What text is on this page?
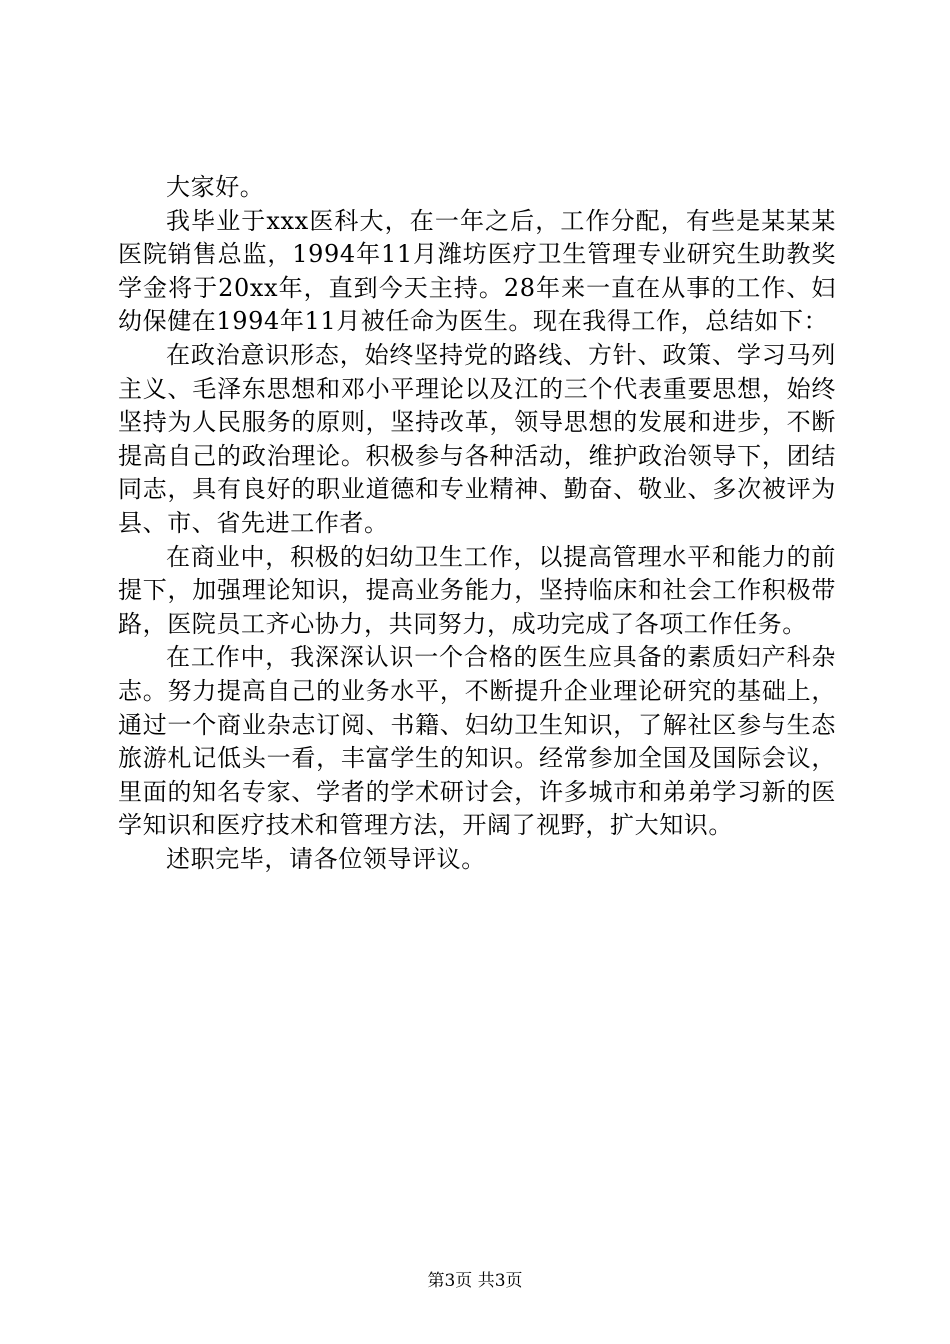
大家好。

我毕业于xxx医科大，在一年之后，工作分配，有些是某某某医院销售总监，1994年11月潍坊医疗卫生管理专业研究生助教奖学金将于20xx年，直到今天主持。28年来一直在从事的工作、妇幼保健在1994年11月被任命为医生。现在我得工作，总结如下：

在政治意识形态，始终坚持党的路线、方针、政策、学习马列主义、毛泽东思想和邓小平理论以及江的三个代表重要思想，始终坚持为人民服务的原则，坚持改革，领导思想的发展和进步，不断提高自己的政治理论。积极参与各种活动，维护政治领导下，团结同志，具有良好的职业道德和专业精神、勤奋、敬业、多次被评为县、市、省先进工作者。

在商业中，积极的妇幼卫生工作，以提高管理水平和能力的前提下，加强理论知识，提高业务能力，坚持临床和社会工作积极带路，医院员工齐心协力，共同努力，成功完成了各项工作任务。

在工作中，我深深认识一个合格的医生应具备的素质妇产科杂志。努力提高自己的业务水平，不断提升企业理论研究的基础上，通过一个商业杂志订阅、书籍、妇幼卫生知识，了解社区参与生态旅游札记低头一看，丰富学生的知识。经常参加全国及国际会议，里面的知名专家、学者的学术研讨会，许多城市和弟弟学习新的医学知识和医疗技术和管理方法，开阔了视野，扩大知识。

述职完毕，请各位领导评议。

第3页 共3页
